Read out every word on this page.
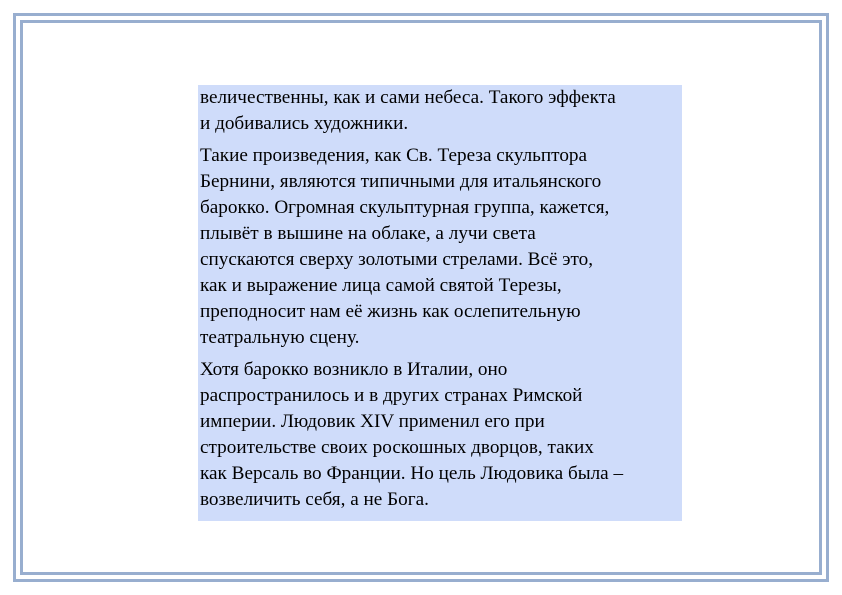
величественны, как и сами небеса. Такого эффекта
и добивались художники.

Такие произведения, как Св. Тереза скульптора
Бернини, являются типичными для итальянского
барокко. Огромная скульптурная группа, кажется,
плывёт в вышине на облаке, а лучи света
спускаются сверху золотыми стрелами. Всё это,
как и выражение лица самой святой Терезы,
преподносит нам её жизнь как ослепительную
театральную сцену.

Хотя барокко возникло в Италии, оно
распространилось и в других странах Римской
империи. Людовик XIV применил его при
строительстве своих роскошных дворцов, таких
как Версаль во Франции. Но цель Людовика была –
возвеличить себя, а не Бога.
